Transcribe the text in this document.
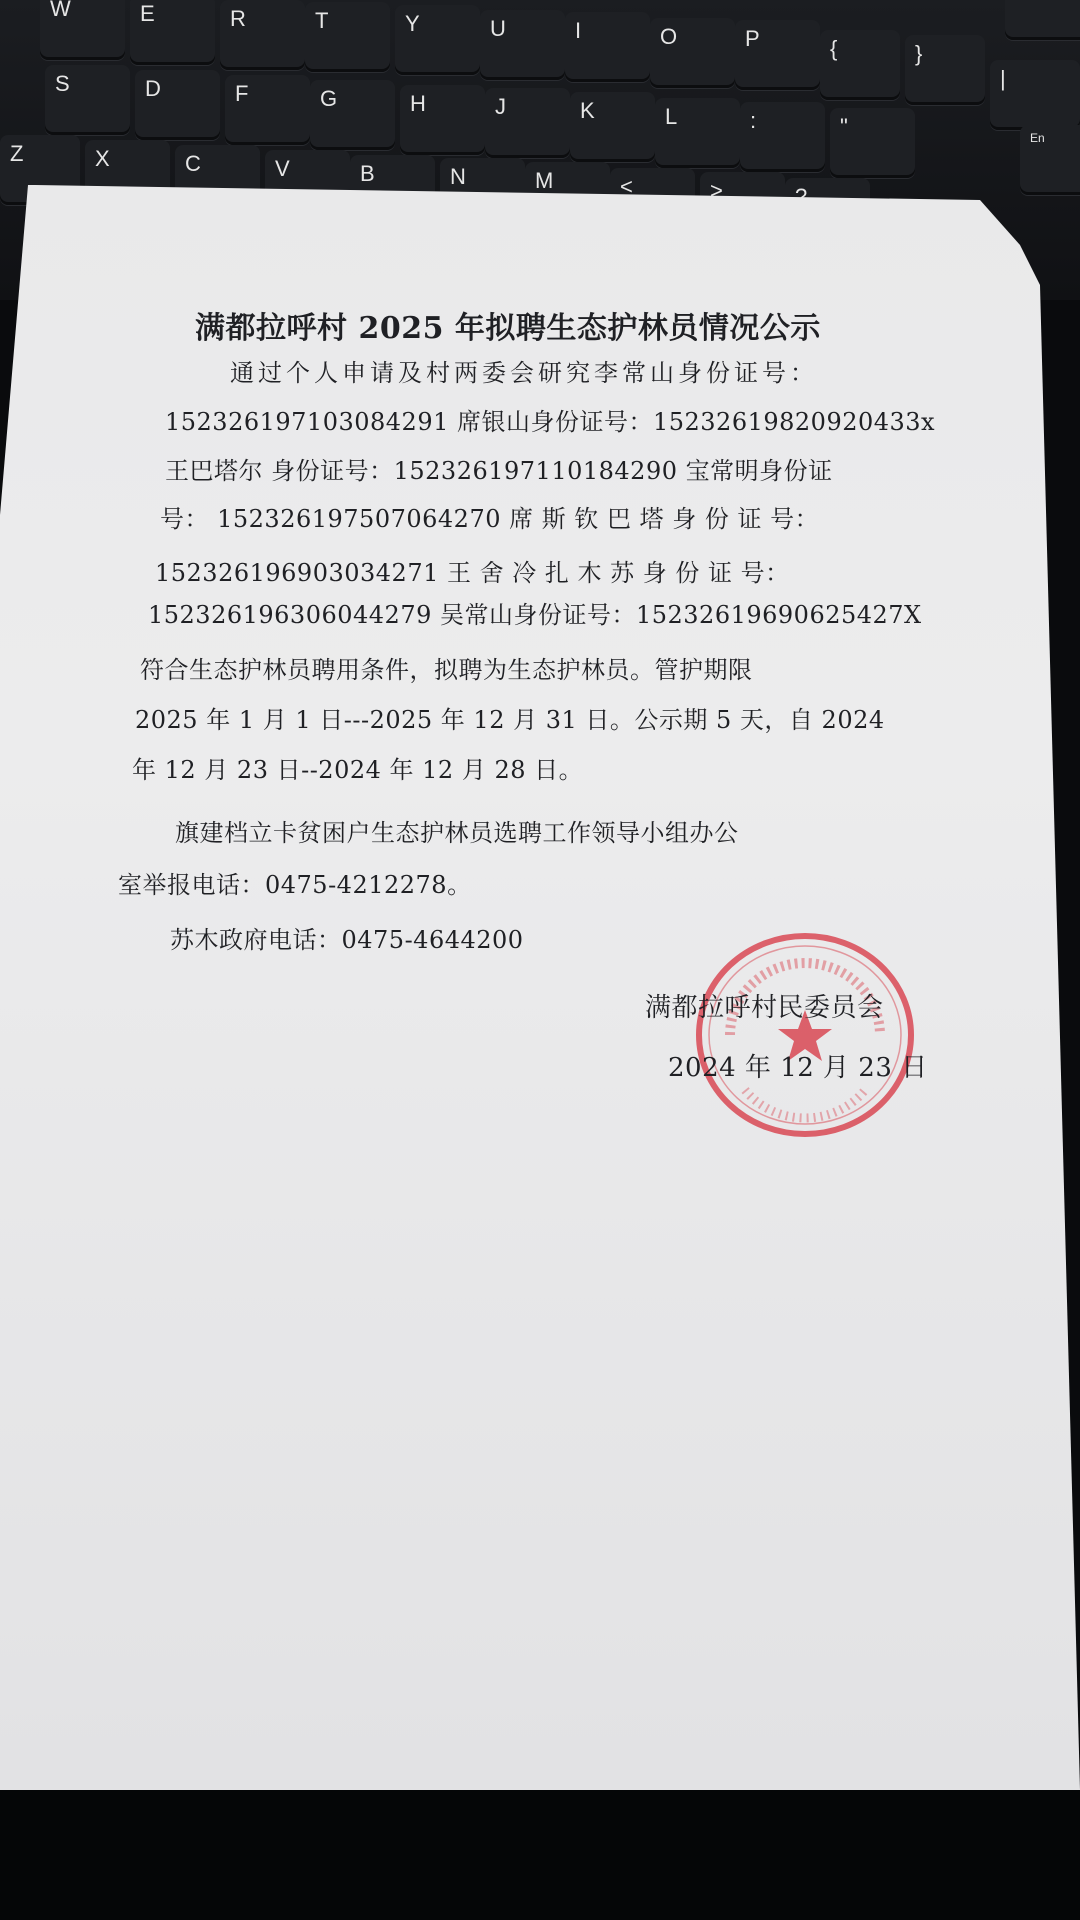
W	E	R	T	Y	U	I	O	P	{	}
|
S	D	F	G	H	J	K	L	:	"	En
Z	X	C	V	B	N	M	<	>	?
满都拉呼村 2025 年拟聘生态护林员情况公示
通过个人申请及村两委会研究李常山身份证号：
152326197103084291 席银山身份证号：15232619820920433x
王巴塔尔 身份证号：152326197110184290 宝常明身份证
号： 152326197507064270 席 斯 钦 巴 塔 身 份 证 号：
152326196903034271 王 舍 冷 扎 木 苏 身 份 证 号：
152326196306044279 吴常山身份证号：15232619690625427X
符合生态护林员聘用条件，拟聘为生态护林员。管护期限
2025 年 1 月 1 日---2025 年 12 月 31 日。公示期 5 天，自 2024
年 12 月 23 日--2024 年 12 月 28 日。
旗建档立卡贫困户生态护林员选聘工作领导小组办公
室举报电话：0475-4212278。
苏木政府电话：0475-4644200
满都拉呼村民委员会
2024 年 12 月 23 日
